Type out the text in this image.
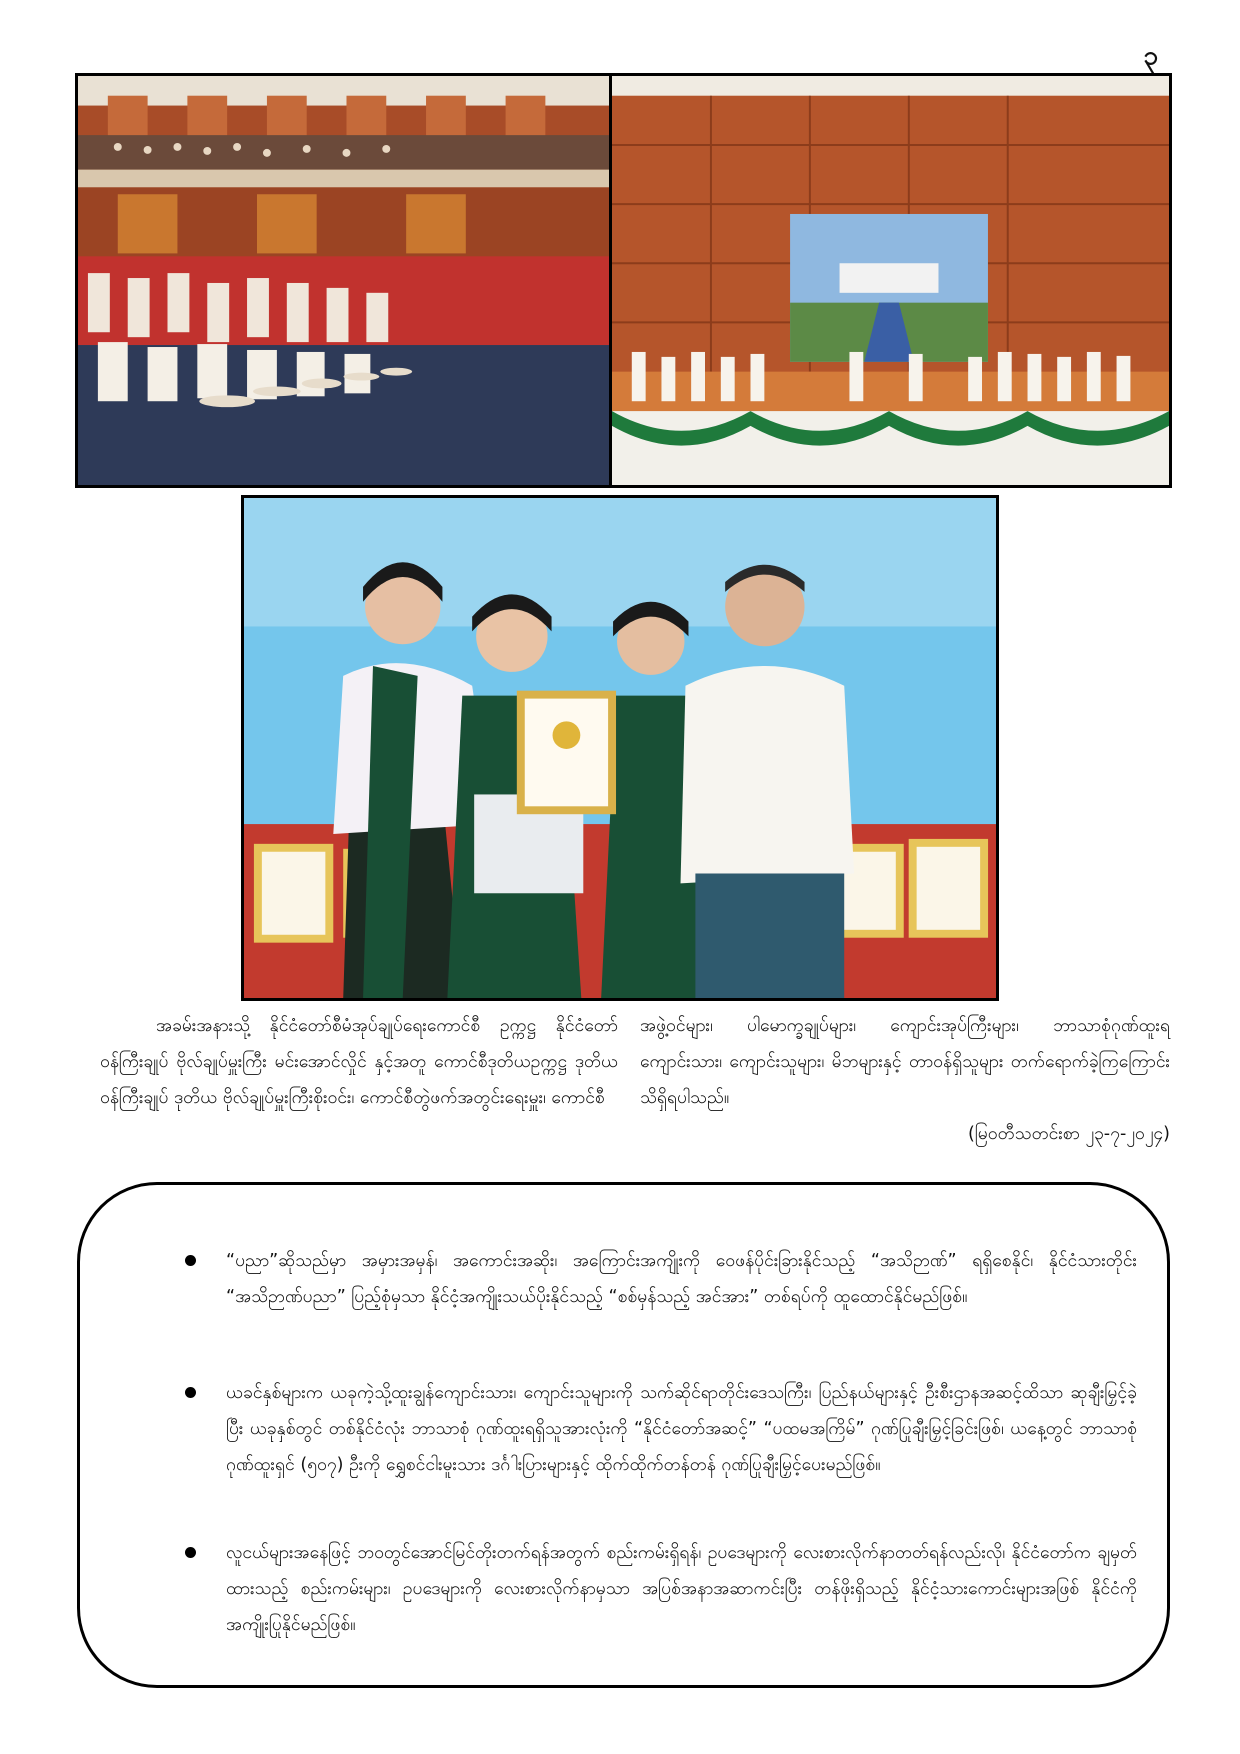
၃
အခမ်းအနားသို့ နိုင်ငံတော်စီမံအုပ်ချုပ်ရေးကောင်စီ ဥက္ကဋ္ဌ နိုင်ငံတော်ဝန်ကြီးချုပ် ဗိုလ်ချုပ်မှူးကြီး မင်းအောင်လှိုင် နှင့်အတူ ကောင်စီဒုတိယဥက္ကဋ္ဌ ဒုတိယဝန်ကြီးချုပ် ဒုတိယ ဗိုလ်ချုပ်မှူးကြီးစိုးဝင်း၊ ကောင်စီတွဲဖက်အတွင်းရေးမှူး၊ ကောင်စီ
အဖွဲ့ဝင်များ၊ ပါမောက္ခချုပ်များ၊ ကျောင်းအုပ်ကြီးများ၊ ဘာသာစုံဂုဏ်ထူးရ ကျောင်းသား၊ ကျောင်းသူများ၊ မိဘများနှင့် တာဝန်ရှိသူများ တက်ရောက်ခဲ့ကြကြောင်း သိရှိရပါသည်။
(မြဝတီသတင်းစာ ၂၃-၇-၂၀၂၄)
“ပညာ”ဆိုသည်မှာ အမှားအမှန်၊ အကောင်းအဆိုး၊ အကြောင်းအကျိုးကို ဝေဖန်ပိုင်းခြားနိုင်သည့် “အသိဉာဏ်” ရရှိစေနိုင်၊ နိုင်ငံသားတိုင်း “အသိဉာဏ်ပညာ” ပြည့်စုံမှသာ နိုင်ငံ့အကျိုးသယ်ပိုးနိုင်သည့် “စစ်မှန်သည့် အင်အား” တစ်ရပ်ကို ထူထောင်နိုင်မည်ဖြစ်။
ယခင်နှစ်များက ယခုကဲ့သို့ထူးချွန်ကျောင်းသား၊ ကျောင်းသူများကို သက်ဆိုင်ရာတိုင်းဒေသကြီး၊ ပြည်နယ်များနှင့် ဦးစီးဌာနအဆင့်ထိသာ ဆုချီးမြှင့်ခဲ့ပြီး ယခုနှစ်တွင် တစ်နိုင်ငံလုံး ဘာသာစုံ ဂုဏ်ထူးရရှိသူအားလုံးကို “နိုင်ငံတော်အဆင့်” “ပထမအကြိမ်” ဂုဏ်ပြုချီးမြှင့်ခြင်းဖြစ်၊ ယနေ့တွင် ဘာသာစုံဂုဏ်ထူးရှင် (၅၀၇) ဦးကို ရွှေစင်ငါးမူးသား ဒင်္ဂါးပြားများနှင့် ထိုက်ထိုက်တန်တန် ဂုဏ်ပြုချီးမြှင့်ပေးမည်ဖြစ်။
လူငယ်များအနေဖြင့် ဘဝတွင်အောင်မြင်တိုးတက်ရန်အတွက် စည်းကမ်းရှိရန်၊ ဥပဒေများကို လေးစားလိုက်နာတတ်ရန်လည်းလို၊ နိုင်ငံတော်က ချမှတ်ထားသည့် စည်းကမ်းများ၊ ဥပဒေများကို လေးစားလိုက်နာမှသာ အပြစ်အနာအဆာကင်းပြီး တန်ဖိုးရှိသည့် နိုင်ငံ့သားကောင်းများအဖြစ် နိုင်ငံကိုအကျိုးပြုနိုင်မည်ဖြစ်။
